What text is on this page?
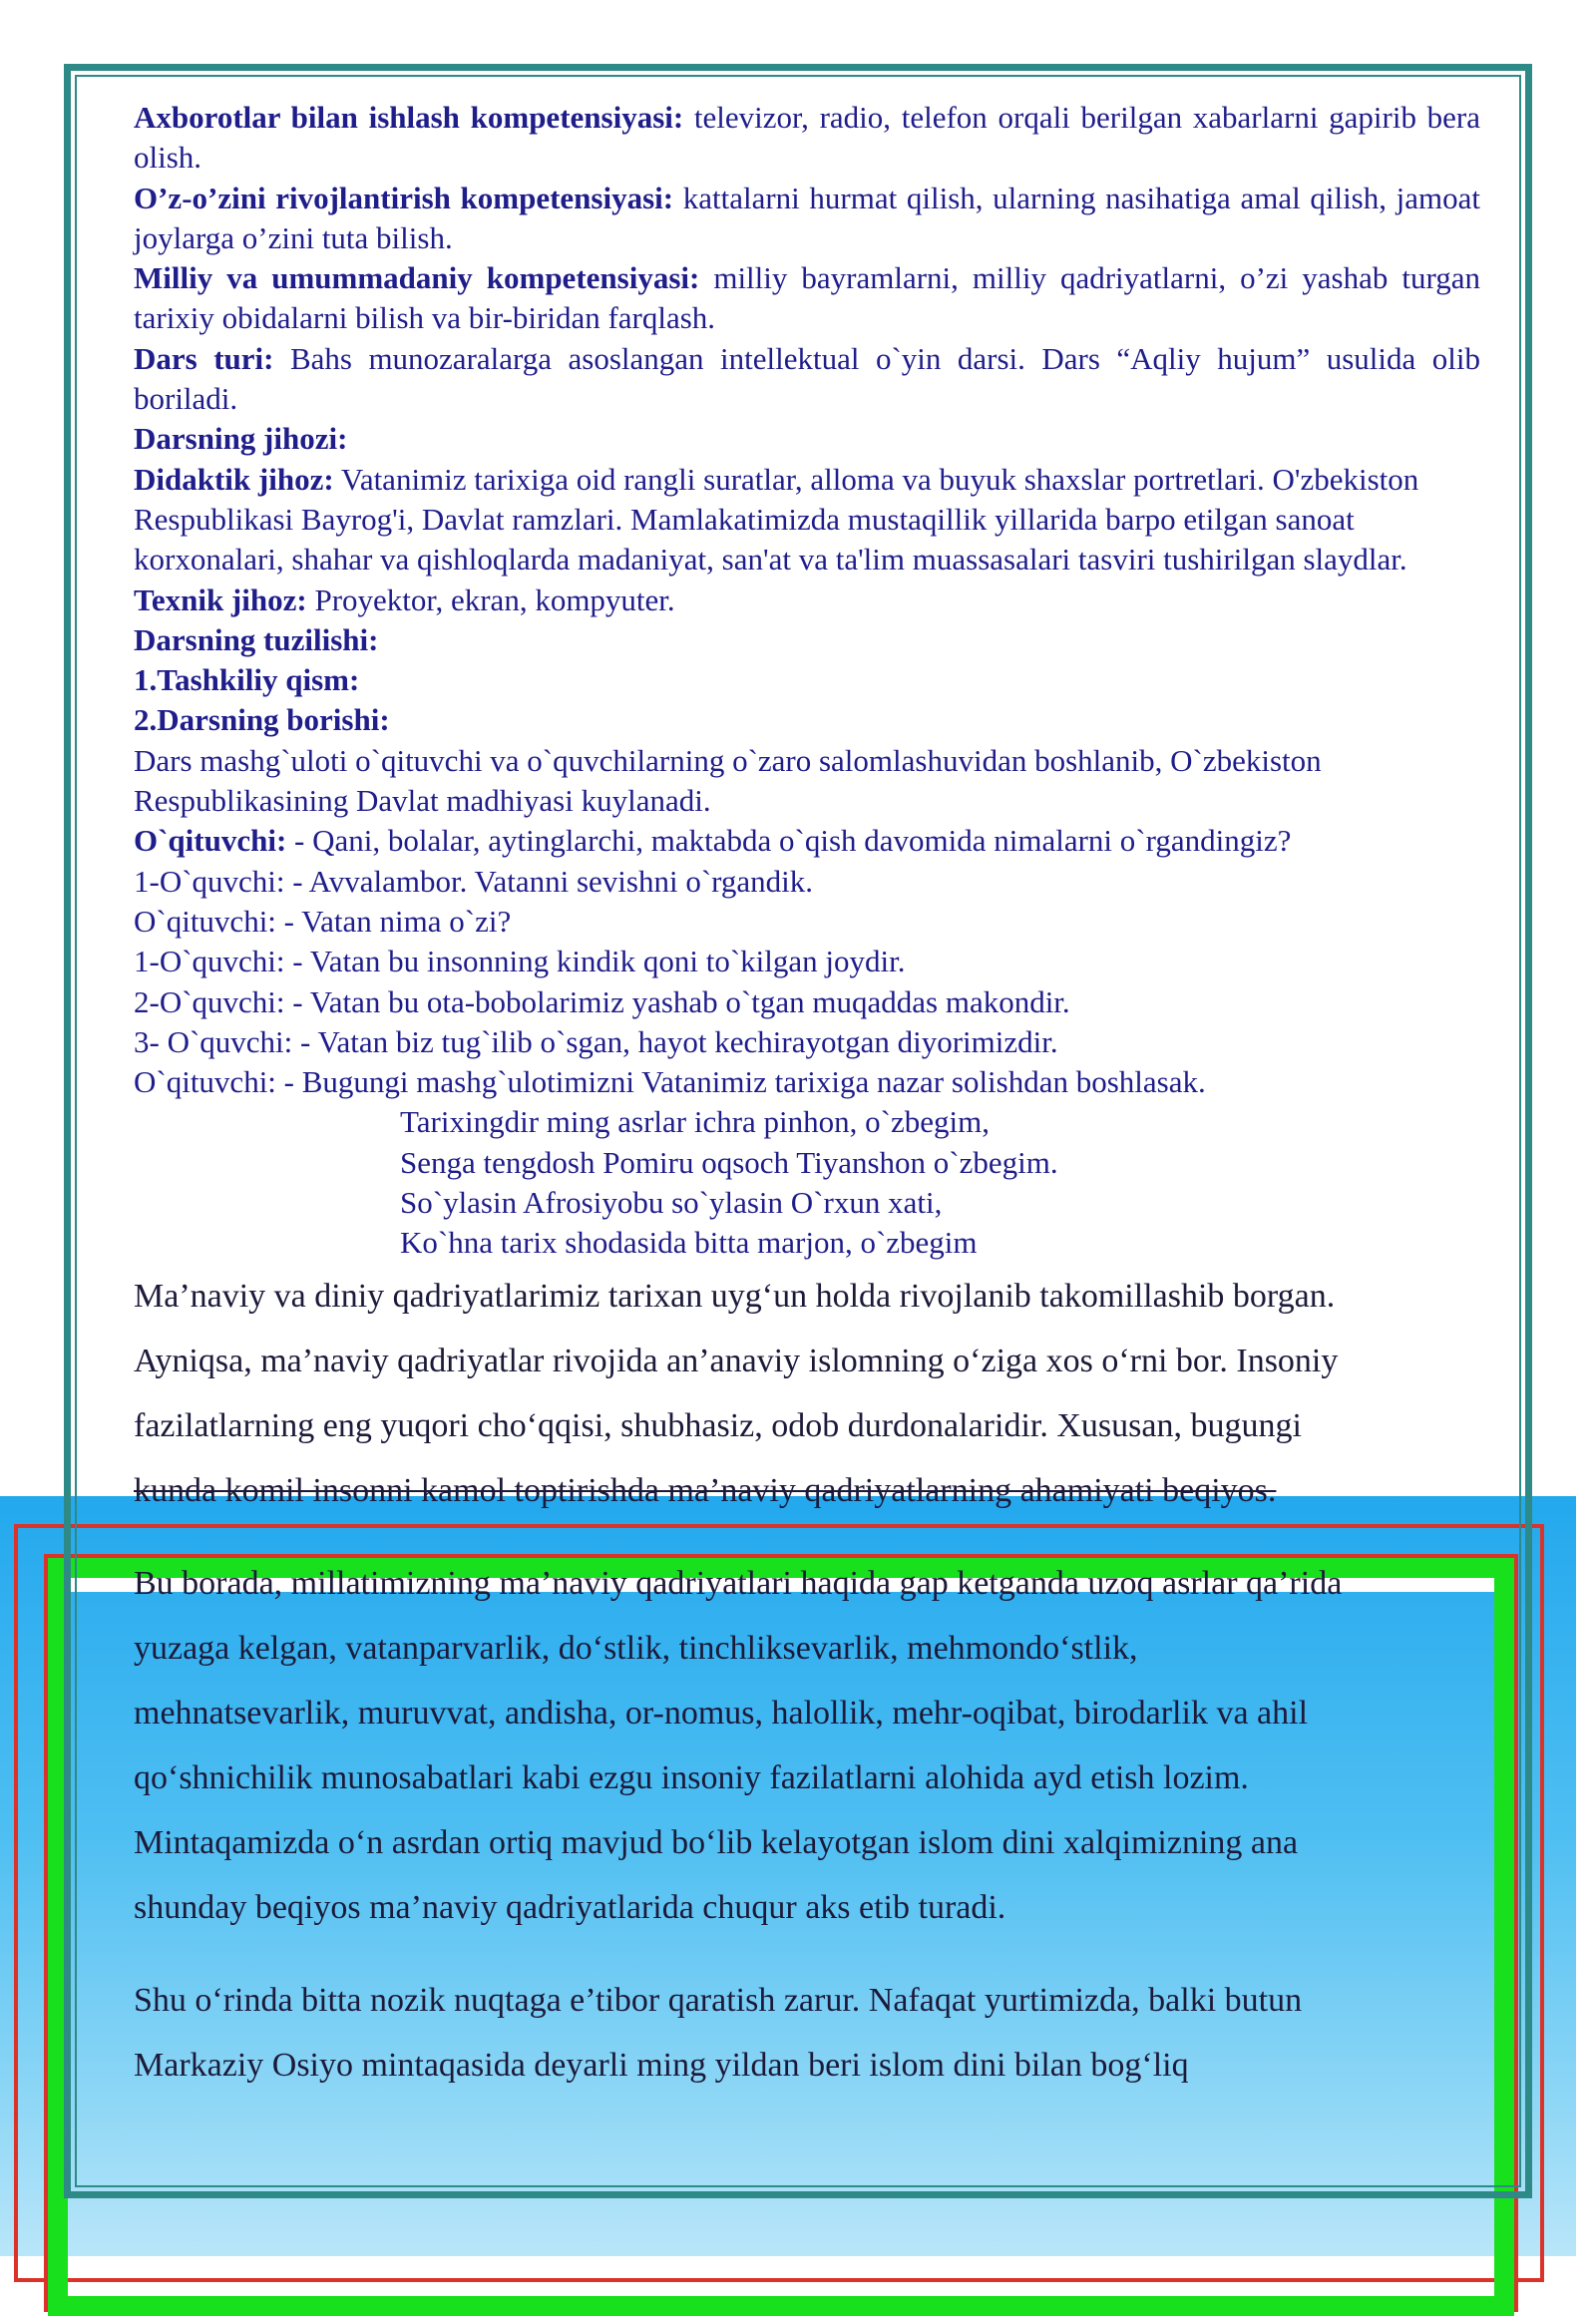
Axborotlar bilan ishlash kompetensiyasi: televizor, radio, telefon orqali berilgan xabarlarni gapirib bera olish.

O’z-o’zini rivojlantirish kompetensiyasi: kattalarni hurmat qilish, ularning nasihatiga amal qilish, jamoat joylarga o’zini tuta bilish.

Milliy va umummadaniy kompetensiyasi: milliy bayramlarni, milliy qadriyatlarni, o’zi yashab turgan tarixiy obidalarni bilish va bir-biridan farqlash.

Dars turi: Bahs munozaralarga asoslangan intellektual o`yin darsi. Dars “Aqliy hujum” usulida olib boriladi.

Darsning jihozi:

Didaktik jihoz: Vatanimiz tarixiga oid rangli suratlar, alloma va buyuk shaxslar portretlari. O'zbekiston Respublikasi Bayrog'i, Davlat ramzlari. Mamlakatimizda mustaqillik yillarida barpo etilgan sanoat korxonalari, shahar va qishloqlarda madaniyat, san'at va ta'lim muassasalari tasviri tushirilgan slaydlar.

Texnik jihoz: Proyektor, ekran, kompyuter.

Darsning tuzilishi:

1.Tashkiliy qism:

2.Darsning borishi:

Dars mashg`uloti o`qituvchi va o`quvchilarning o`zaro salomlashuvidan boshlanib, O`zbekiston Respublikasining Davlat madhiyasi kuylanadi.

O`qituvchi: - Qani, bolalar, aytinglarchi, maktabda o`qish davomida nimalarni o`rgandingiz?

1-O`quvchi: - Avvalambor. Vatanni sevishni o`rgandik.

O`qituvchi: - Vatan nima o`zi?

1-O`quvchi: - Vatan bu insonning kindik qoni to`kilgan joydir.

2-O`quvchi: - Vatan bu ota-bobolarimiz yashab o`tgan muqaddas makondir.

3- O`quvchi: - Vatan biz tug`ilib o`sgan, hayot kechirayotgan diyorimizdir.

O`qituvchi: - Bugungi mashg`ulotimizni Vatanimiz tarixiga nazar solishdan boshlasak.

Tarixingdir ming asrlar ichra pinhon, o`zbegim,

Senga tengdosh Pomiru oqsoch Tiyanshon o`zbegim.

So`ylasin Afrosiyobu so`ylasin O`rxun xati,

Ko`hna tarix shodasida bitta marjon, o`zbegim

Ma’naviy va diniy qadriyatlarimiz tarixan uyg‘un holda rivojlanib takomillashib borgan.

Ayniqsa, ma’naviy qadriyatlar rivojida an’anaviy islomning o‘ziga xos o‘rni bor. Insoniy

fazilatlarning eng yuqori cho‘qqisi, shubhasiz, odob durdonalaridir. Xususan, bugungi

kunda komil insonni kamol toptirishda ma’naviy qadriyatlarning ahamiyati beqiyos.

Bu borada, millatimizning ma’naviy qadriyatlari haqida gap ketganda uzoq asrlar qa’rida

yuzaga kelgan, vatanparvarlik, do‘stlik, tinchliksevarlik, mehmondo‘stlik,

mehnatsevarlik, muruvvat, andisha, or-nomus, halollik, mehr-oqibat, birodarlik va ahil

qo‘shnichilik munosabatlari kabi ezgu insoniy fazilatlarni alohida ayd etish lozim.

Mintaqamizda o‘n asrdan ortiq mavjud bo‘lib kelayotgan islom dini xalqimizning ana

shunday beqiyos ma’naviy qadriyatlarida chuqur aks etib turadi.

Shu o‘rinda bitta nozik nuqtaga e’tibor qaratish zarur. Nafaqat yurtimizda, balki butun

Markaziy Osiyo mintaqasida deyarli ming yildan beri islom dini bilan bog‘liq
